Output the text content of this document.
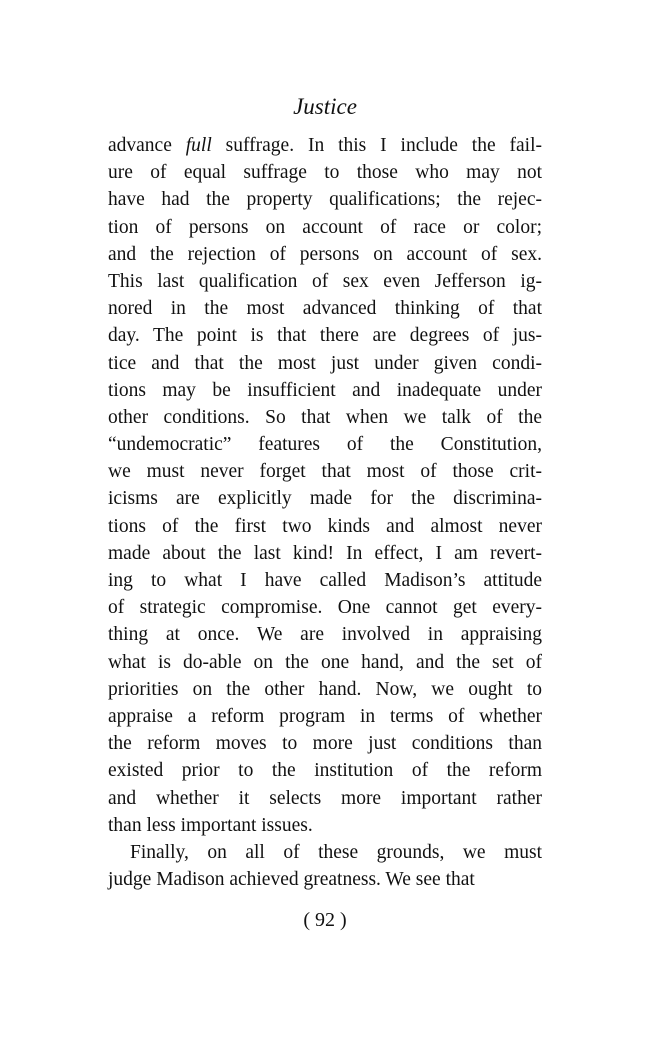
Justice
advance full suffrage. In this I include the fail-
ure of equal suffrage to those who may not
have had the property qualifications; the rejec-
tion of persons on account of race or color;
and the rejection of persons on account of sex.
This last qualification of sex even Jefferson ig-
nored in the most advanced thinking of that
day. The point is that there are degrees of jus-
tice and that the most just under given condi-
tions may be insufficient and inadequate under
other conditions. So that when we talk of the
“undemocratic” features of the Constitution,
we must never forget that most of those crit-
icisms are explicitly made for the discrimina-
tions of the first two kinds and almost never
made about the last kind! In effect, I am revert-
ing to what I have called Madison’s attitude
of strategic compromise. One cannot get every-
thing at once. We are involved in appraising
what is do-able on the one hand, and the set of
priorities on the other hand. Now, we ought to
appraise a reform program in terms of whether
the reform moves to more just conditions than
existed prior to the institution of the reform
and whether it selects more important rather
than less important issues.
Finally, on all of these grounds, we must
judge Madison achieved greatness. We see that
( 92 )
